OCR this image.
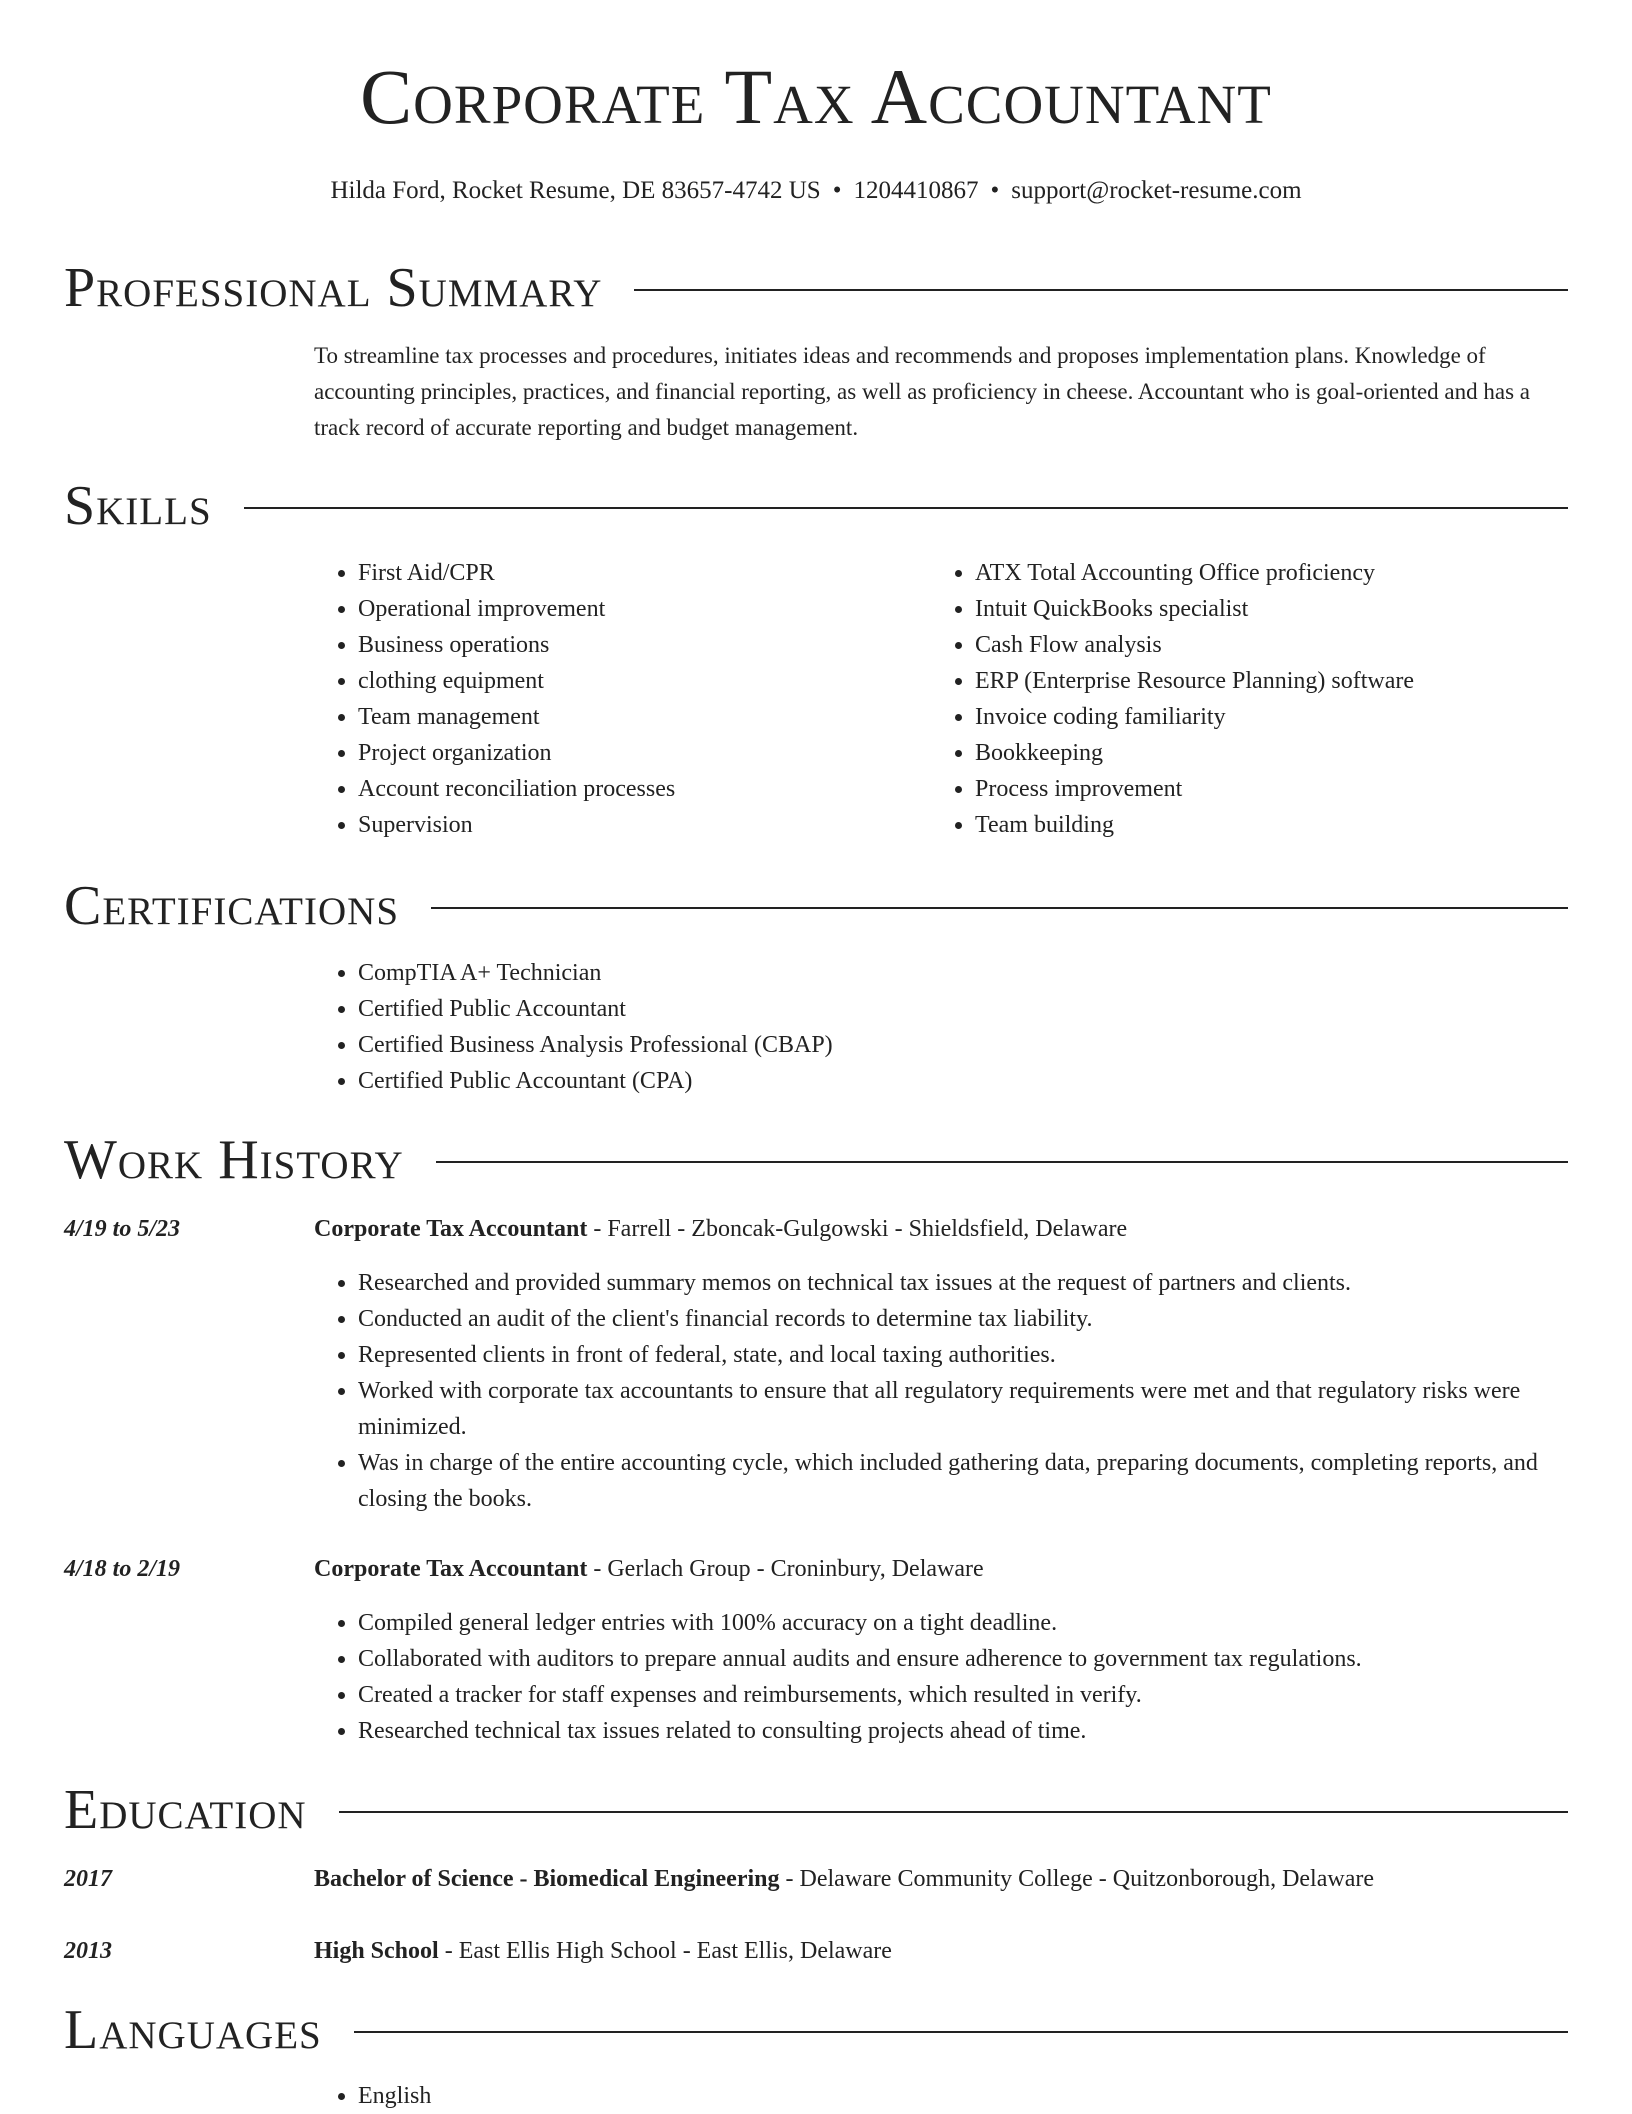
Corporate Tax Accountant
Hilda Ford, Rocket Resume, DE 83657-4742 US • 1204410867 • support@rocket-resume.com
Professional Summary

To streamline tax processes and procedures, initiates ideas and recommends and proposes implementation plans. Knowledge of accounting principles, practices, and financial reporting, as well as proficiency in cheese. Accountant who is goal-oriented and has a track record of accurate reporting and budget management.

Skills
• First Aid/CPR
• Operational improvement
• Business operations
• clothing equipment
• Team management
• Project organization
• Account reconciliation processes
• Supervision
• ATX Total Accounting Office proficiency
• Intuit QuickBooks specialist
• Cash Flow analysis
• ERP (Enterprise Resource Planning) software
• Invoice coding familiarity
• Bookkeeping
• Process improvement
• Team building
Certifications
• CompTIA A+ Technician
• Certified Public Accountant
• Certified Business Analysis Professional (CBAP)
• Certified Public Accountant (CPA)
Work History
4/19 to 5/23	Corporate Tax Accountant - Farrell - Zboncak-Gulgowski - Shieldsfield, Delaware
• Researched and provided summary memos on technical tax issues at the request of partners and clients.
• Conducted an audit of the client's financial records to determine tax liability.
• Represented clients in front of federal, state, and local taxing authorities.
• Worked with corporate tax accountants to ensure that all regulatory requirements were met and that regulatory risks were minimized.
• Was in charge of the entire accounting cycle, which included gathering data, preparing documents, completing reports, and closing the books.
4/18 to 2/19	Corporate Tax Accountant - Gerlach Group - Croninbury, Delaware
• Compiled general ledger entries with 100% accuracy on a tight deadline.
• Collaborated with auditors to prepare annual audits and ensure adherence to government tax regulations.
• Created a tracker for staff expenses and reimbursements, which resulted in verify.
• Researched technical tax issues related to consulting projects ahead of time.
Education
2017	Bachelor of Science - Biomedical Engineering - Delaware Community College - Quitzonborough, Delaware
2013	High School - East Ellis High School - East Ellis, Delaware
Languages
• English
